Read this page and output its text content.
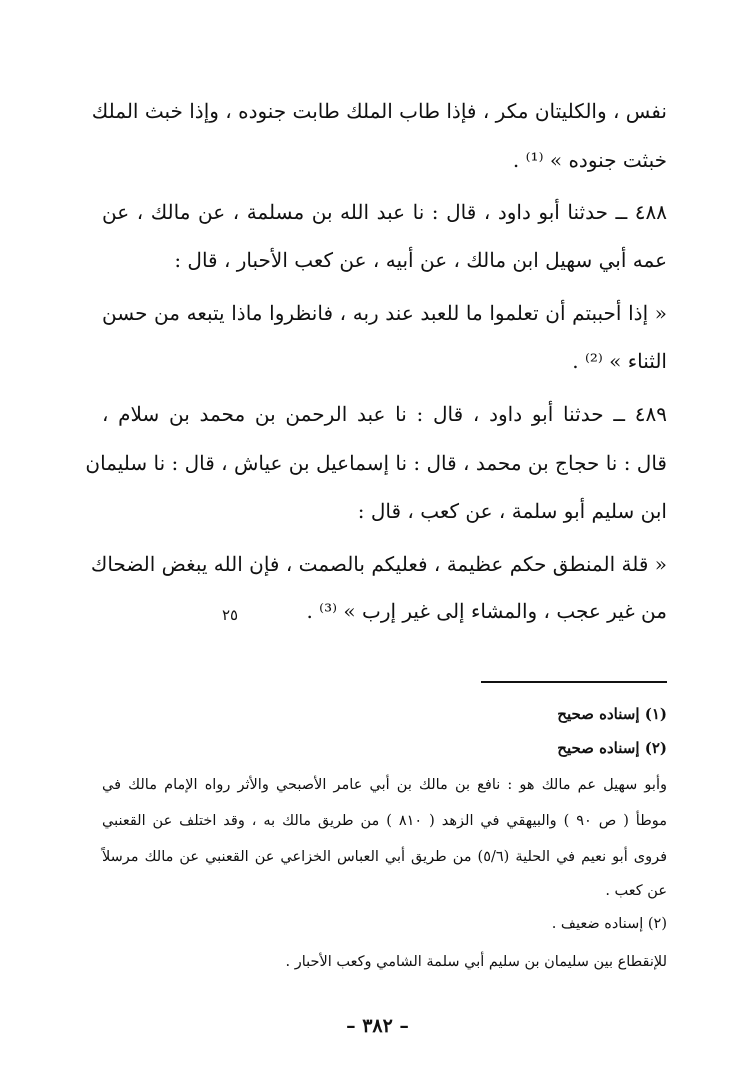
نفس ، والكليتان مكر ، فإذا طاب الملك طابت جنوده ، وإذا خبث الملك
خبثت جنوده » ⁽¹⁾ .
٤٨٨ ــ حدثنا أبو داود ، قال : نا عبد الله بن مسلمة ، عن مالك ، عن
عمه أبي سهيل ابن مالك ، عن أبيه ، عن كعب الأحبار ، قال :
« إذا أحببتم أن تعلموا ما للعبد عند ربه ، فانظروا ماذا يتبعه من حسن
الثناء » ⁽²⁾ .
٤٨٩ ــ حدثنا أبو داود ، قال : نا عبد الرحمن بن محمد بن سلام ،
قال : نا حجاج بن محمد ، قال : نا إسماعيل بن عياش ، قال : نا سليمان
ابن سليم أبو سلمة ، عن كعب ، قال :
« قلة المنطق حكم عظيمة ، فعليكم بالصمت ، فإن الله يبغض الضحاك
من غير عجب ، والمشاء إلى غير إرب » ⁽³⁾ .
٢٥
(١) إسناده صحيح
(٢) إسناده صحيح
وأبو سهيل عم مالك هو : نافع بن مالك بن أبي عامر الأصبحي والأثر رواه الإمام مالك في
موطأ ( ص ٩٠ ) والبيهقي في الزهد ( ٨١٠ ) من طريق مالك به ، وقد اختلف عن القعنبي
فروى أبو نعيم في الحلية (٥/٦) من طريق أبي العباس الخزاعي عن القعنبي عن مالك مرسلاً
عن كعب .
(٢) إسناده ضعيف .
للإنقطاع بين سليمان بن سليم أبي سلمة الشامي وكعب الأحبار .
– ٣٨٢ –
